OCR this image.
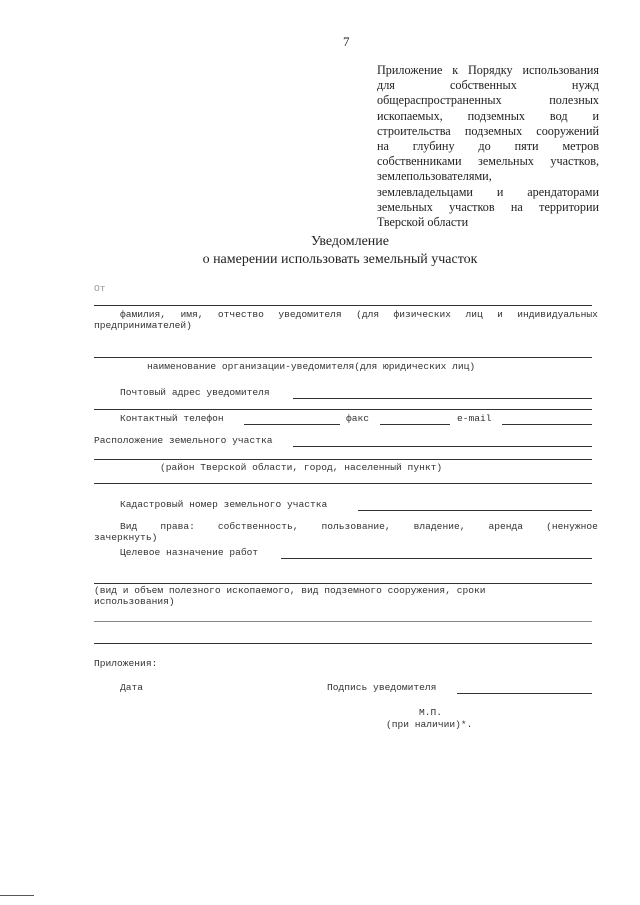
7
Приложение к Порядку использования
для собственных нужд
общераспространенных полезных
ископаемых, подземных вод и
строительства подземных сооружений
на глубину до пяти метров
собственниками земельных участков,
землепользователями,
землевладельцами и арендаторами
земельных участков на территории
Тверской области
Уведомление
о намерении использовать земельный участок
От
фамилия, имя, отчество уведомителя (для физических лиц и индивидуальных
предпринимателей)
наименование организации-уведомителя(для юридических лиц)
Почтовый адрес уведомителя
Контактный телефон	факс	e-mail
Расположение земельного участка
(район Тверской области, город, населенный пункт)
Кадастровый номер земельного участка
Вид права: собственность, пользование, владение, аренда (ненужное
зачеркнуть)
Целевое назначение работ
(вид и объем полезного ископаемого, вид подземного сооружения, сроки
использования)
Приложения:
Дата	Подпись уведомителя
М.П.
(при наличии)*.
